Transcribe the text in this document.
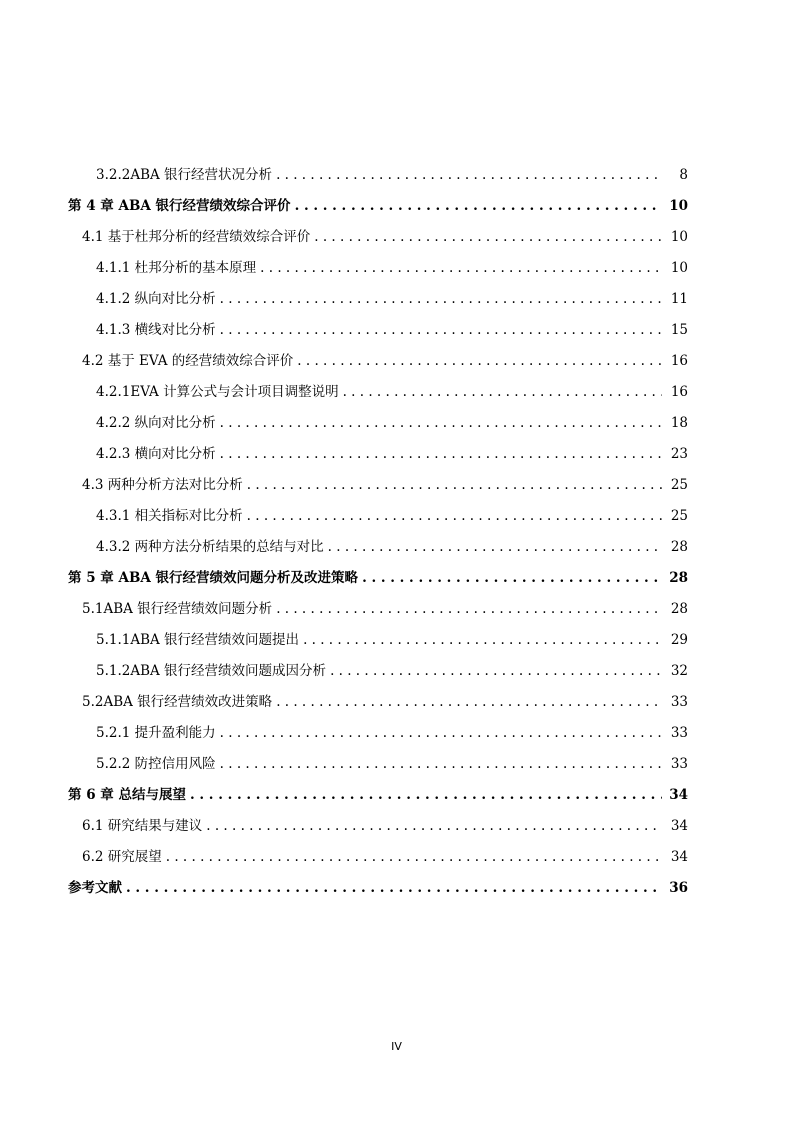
3.2.2ABA 银行经营状况分析 . . .	8
第 4 章 ABA 银行经营绩效综合评价 . . .	10
4.1 基于杜邦分析的经营绩效综合评价 . . .	10
4.1.1 杜邦分析的基本原理 . . .	10
4.1.2 纵向对比分析 . . .	11
4.1.3 横线对比分析 . . .	15
4.2 基于 EVA 的经营绩效综合评价 . . .	16
4.2.1EVA 计算公式与会计项目调整说明 . . .	16
4.2.2 纵向对比分析 . . .	18
4.2.3 横向对比分析 . . .	23
4.3 两种分析方法对比分析 . . .	25
4.3.1 相关指标对比分析 . . .	25
4.3.2 两种方法分析结果的总结与对比 . . .	28
第 5 章 ABA 银行经营绩效问题分析及改进策略 . . .	28
5.1ABA 银行经营绩效问题分析 . . .	28
5.1.1ABA 银行经营绩效问题提出 . . .	29
5.1.2ABA 银行经营绩效问题成因分析 . . .	32
5.2ABA 银行经营绩效改进策略 . . .	33
5.2.1 提升盈利能力 . . .	33
5.2.2 防控信用风险 . . .	33
第 6 章 总结与展望 . . .	34
6.1 研究结果与建议 . . .	34
6.2 研究展望 . . .	34
参考文献 . . .	36
IV
